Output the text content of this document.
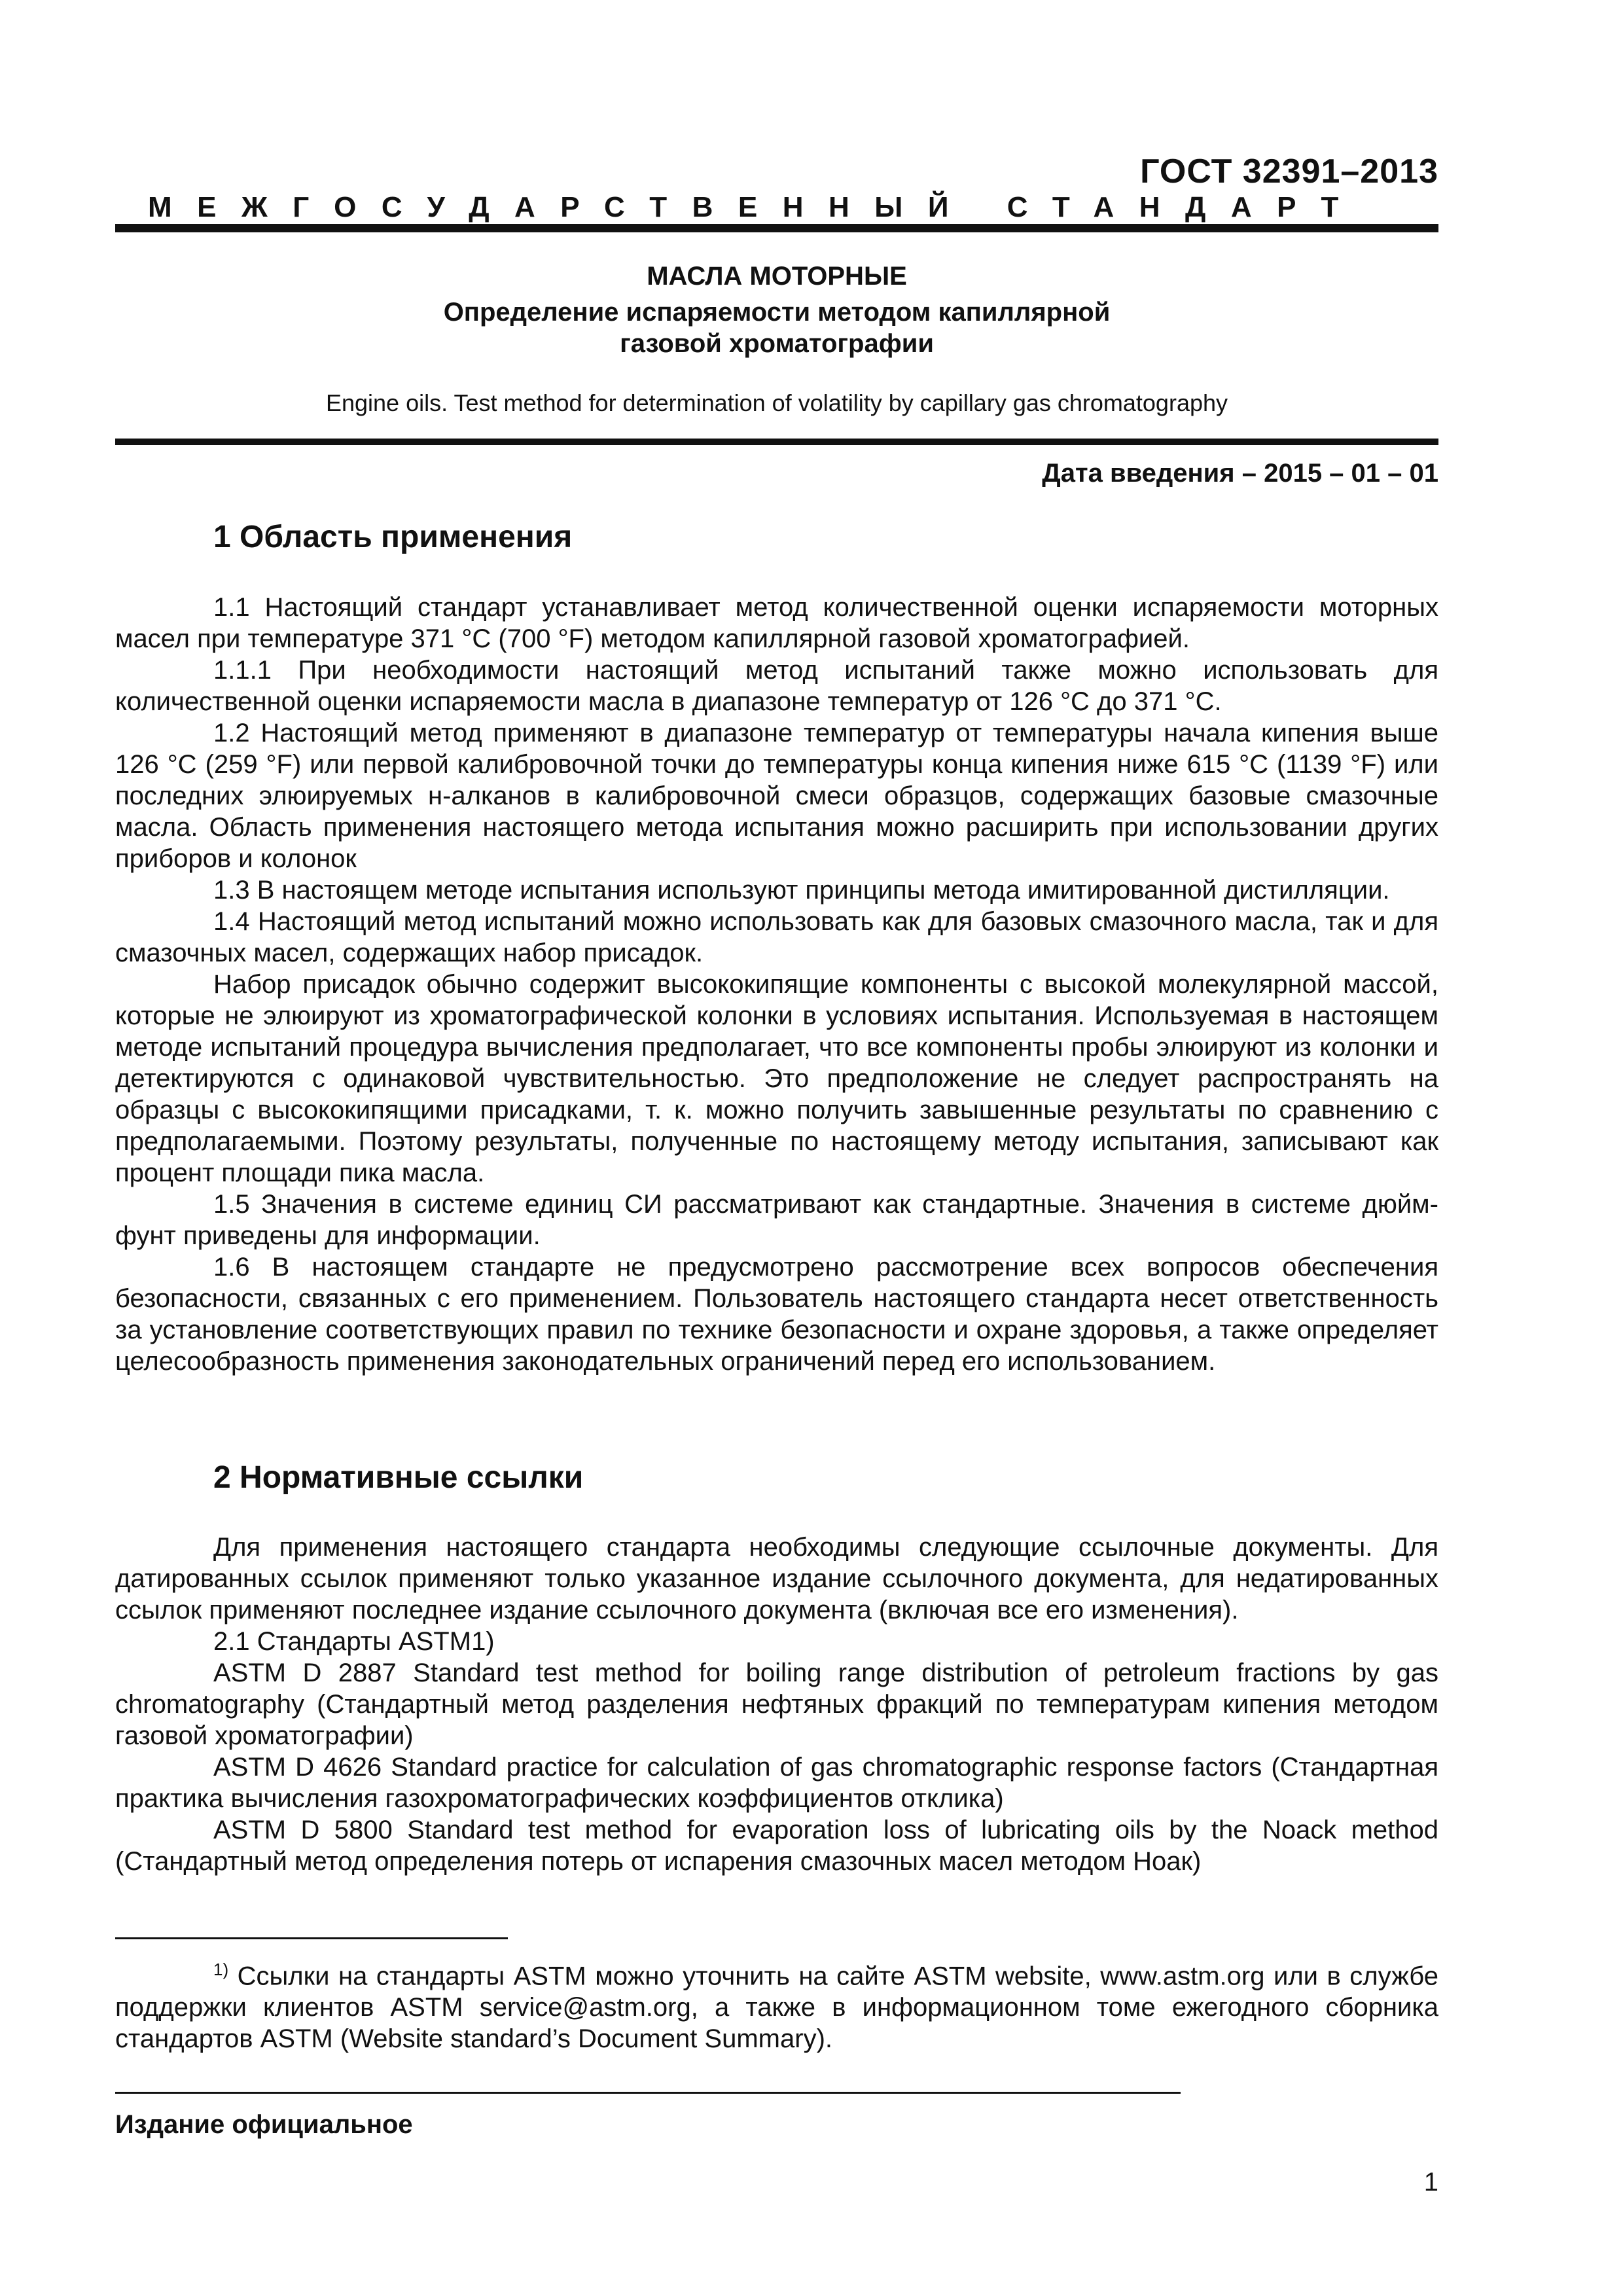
ГОСТ 32391–2013
МЕЖГОСУДАРСТВЕННЫЙ СТАНДАРТ
МАСЛА МОТОРНЫЕ
Определение испаряемости методом капиллярной
газовой хроматографии
Engine oils. Test method for determination of volatility by capillary gas chromatography
Дата введения – 2015 – 01 – 01
1 Область применения

1.1 Настоящий стандарт устанавливает метод количественной оценки испаряемости моторных масел при температуре 371 °С (700 °F) методом капиллярной газовой хроматографией.

1.1.1 При необходимости настоящий метод испытаний также можно использовать для количественной оценки испаряемости масла в диапазоне температур от 126 °С до 371 °С.

1.2 Настоящий метод применяют в диапазоне температур от температуры начала кипения выше 126 °С (259 °F) или первой калибровочной точки до температуры конца кипения ниже 615 °С (1139 °F) или последних элюируемых н-алканов в калибровочной смеси образцов, содержащих базовые смазочные масла. Область применения настоящего метода испытания можно расширить при использовании других приборов и колонок

1.3 В настоящем методе испытания используют принципы метода имитированной дистилляции.

1.4 Настоящий метод испытаний можно использовать как для базовых смазочного масла, так и для смазочных масел, содержащих набор присадок.

Набор присадок обычно содержит высококипящие компоненты с высокой молекулярной массой, которые не элюируют из хроматографической колонки в условиях испытания. Используемая в настоящем методе испытаний процедура вычисления предполагает, что все компоненты пробы элюируют из колонки и детектируются с одинаковой чувствительностью. Это предположение не следует распространять на образцы с высококипящими присадками, т. к. можно получить завышенные результаты по сравнению с предполагаемыми. Поэтому результаты, полученные по настоящему методу испытания, записывают как процент площади пика масла.

1.5 Значения в системе единиц СИ рассматривают как стандартные. Значения в системе дюйм-фунт приведены для информации.

1.6 В настоящем стандарте не предусмотрено рассмотрение всех вопросов обеспечения безопасности, связанных с его применением. Пользователь настоящего стандарта несет ответственность за установление соответствующих правил по технике безопасности и охране здоровья, а также определяет целесообразность применения законодательных ограничений перед его использованием.

2 Нормативные ссылки

Для применения настоящего стандарта необходимы следующие ссылочные документы. Для датированных ссылок применяют только указанное издание ссылочного документа, для недатированных ссылок применяют последнее издание ссылочного документа (включая все его изменения).

2.1 Стандарты ASTM1)

ASTM D 2887 Standard test method for boiling range distribution of petroleum fractions by gas chromatography (Стандартный метод разделения нефтяных фракций по температурам кипения методом газовой хроматографии)

ASTM D 4626 Standard practice for calculation of gas chromatographic response factors (Стандартная практика вычисления газохроматографических коэффициентов отклика)

ASTM D 5800 Standard test method for evaporation loss of lubricating oils by the Noack method (Стандартный метод определения потерь от испарения смазочных масел методом Ноак)

$^{1)}$ Ссылки на стандарты ASTM можно уточнить на сайте ASTM website, www.astm.org или в службе поддержки клиентов ASTM service@astm.org, а также в информационном томе ежегодного сборника стандартов ASTM (Website standard’s Document Summary).

Издание официальное
1
